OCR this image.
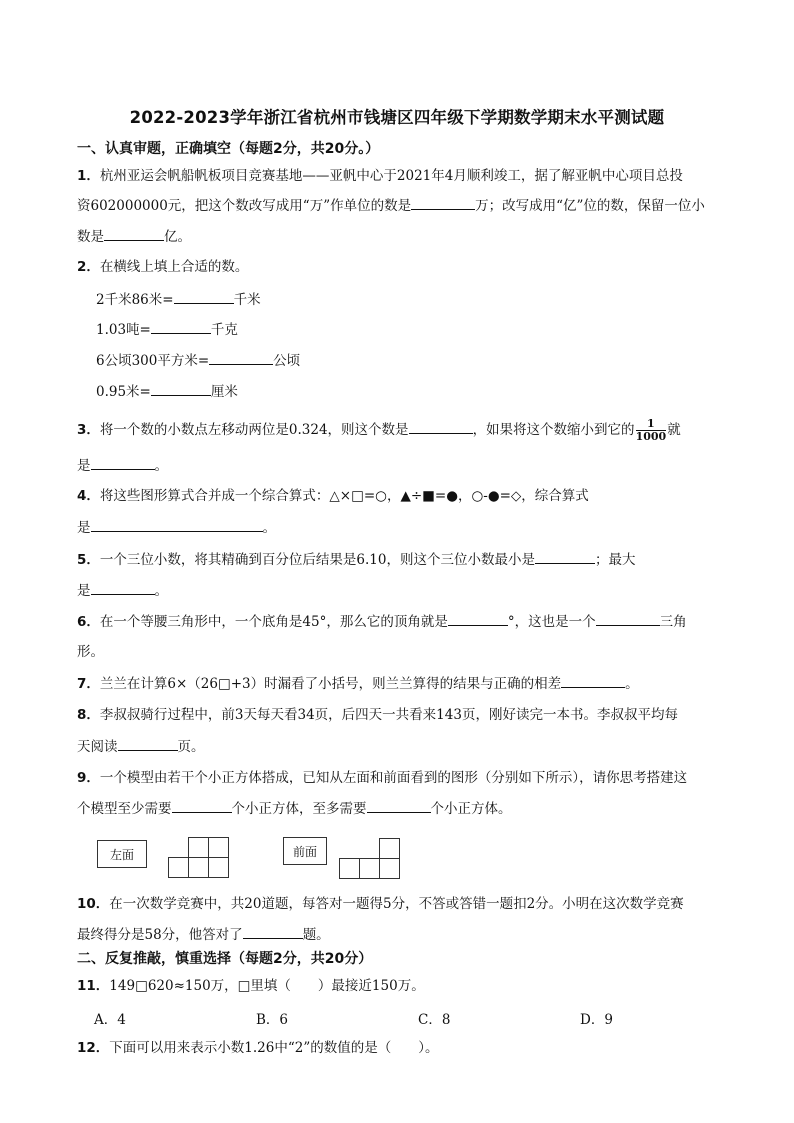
2022-2023学年浙江省杭州市钱塘区四年级下学期数学期末水平测试题
一、认真审题，正确填空（每题2分，共20分。）
1．杭州亚运会帆船帆板项目竞赛基地——亚帆中心于2021年4月顺利竣工，据了解亚帆中心项目总投
资602000000元，把这个数改写成用“万”作单位的数是	万；改写成用“亿”位的数，保留一位小
数是	亿。
2．在横线上填上合适的数。
2千米86米=	千米
1.03吨=	千克
6公顷300平方米=	公顷
0.95米=	厘米
3．将一个数的小数点左移动两位是0.324，则这个数是	，如果将这个数缩小到它的 $\frac{1}{1000}$ 就
是	。
4．将这些图形算式合并成一个综合算式：△×□=○，▲÷■=●，○-●=◇，综合算式
是	。
5．一个三位小数，将其精确到百分位后结果是6.10，则这个三位小数最小是	；最大
是	。
6．在一个等腰三角形中，一个底角是45°，那么它的顶角就是	°，这也是一个	三角
形。
7．兰兰在计算6×（26□+3）时漏看了小括号，则兰兰算得的结果与正确的相差	。
8．李叔叔骑行过程中，前3天每天看34页，后四天一共看来143页，刚好读完一本书。李叔叔平均每
天阅读	页。
9．一个模型由若干个小正方体搭成，已知从左面和前面看到的图形（分别如下所示），请你思考搭建这
个模型至少需要	个小正方体，至多需要	个小正方体。
左面	前面
10．在一次数学竞赛中，共20道题，每答对一题得5分，不答或答错一题扣2分。小明在这次数学竞赛
最终得分是58分，他答对了	题。
二、反复推敲，慎重选择（每题2分，共20分）
11．149□620≈150万，□里填（　　）最接近150万。
A．4	B．6	C．8	D．9
12．下面可以用来表示小数1.26中“2”的数值的是（　　）。
